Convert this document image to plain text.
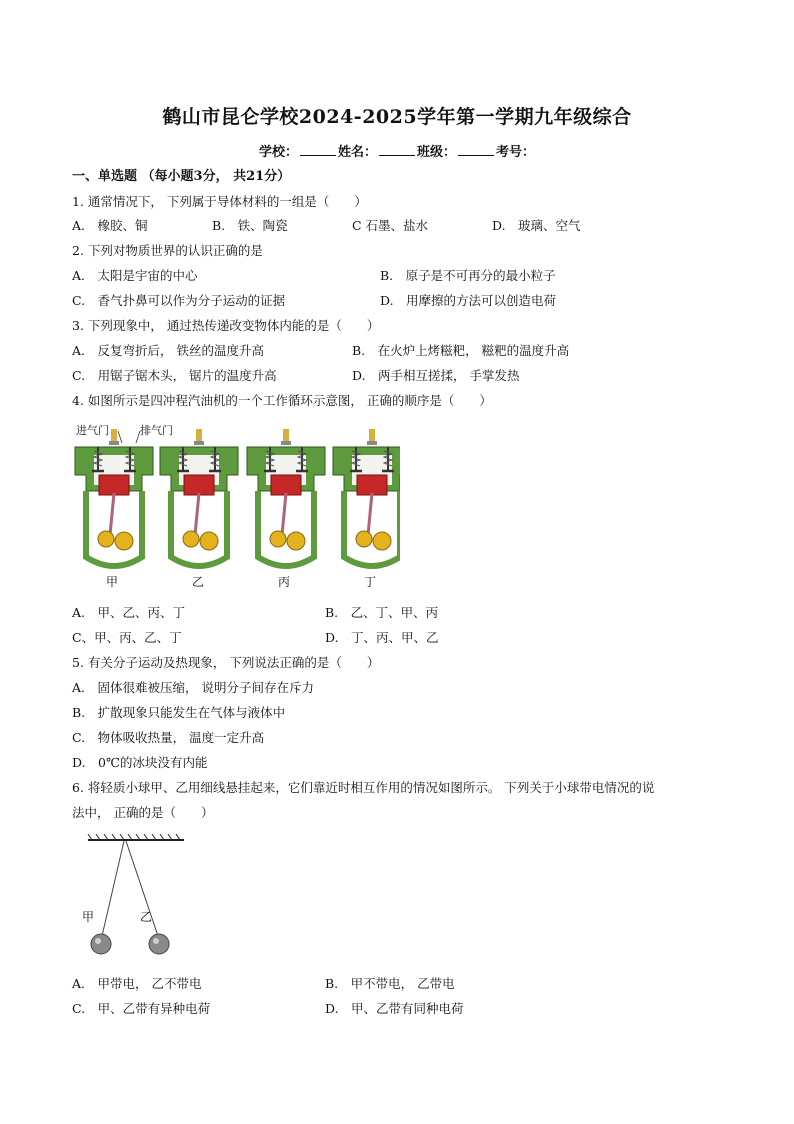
鹤山市昆仑学校2024-2025学年第一学期九年级综合
学校：	姓名：	班级：	考号：
一、单选题 （每小题3分， 共21分）
1. 通常情况下， 下列属于导体材料的一组是（　　）
A.　橡胶、铜	B.　铁、陶瓷	C 石墨、盐水	D.　玻璃、空气
2. 下列对物质世界的认识正确的是
A.　太阳是宇宙的中心	B.　原子是不可再分的最小粒子
C.　香气扑鼻可以作为分子运动的证据	D.　用摩擦的方法可以创造电荷
3. 下列现象中， 通过热传递改变物体内能的是（　　）
A.　反复弯折后， 铁丝的温度升高	B.　在火炉上烤糍粑， 糍粑的温度升高
C.　用锯子锯木头， 锯片的温度升高	D.　两手相互搓揉， 手掌发热
4. 如图所示是四冲程汽油机的一个工作循环示意图， 正确的顺序是（　　）
进气门	排气门
甲	乙	丙	丁
A.　甲、乙、丙、丁	B.　乙、丁、甲、丙
C、甲、丙、乙、丁	D.　丁、丙、甲、乙
5. 有关分子运动及热现象， 下列说法正确的是（　　）
A.　固体很难被压缩， 说明分子间存在斥力
B.　扩散现象只能发生在气体与液体中
C.　物体吸收热量， 温度一定升高
D.　0℃的冰块没有内能
6. 将轻质小球甲、乙用细线悬挂起来，它们靠近时相互作用的情况如图所示。 下列关于小球带电情况的说
法中， 正确的是（　　）
甲	乙
A.　甲带电， 乙不带电	B.　甲不带电， 乙带电
C.　甲、乙带有异种电荷	D.　甲、乙带有同种电荷
